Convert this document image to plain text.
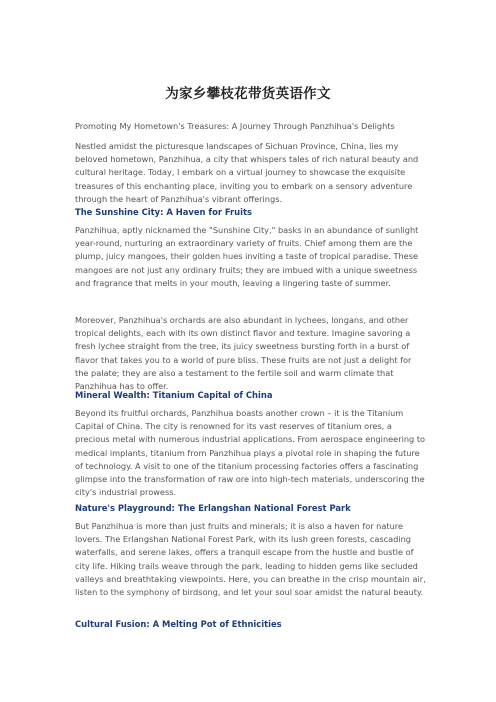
为家乡攀枝花带货英语作文
Promoting My Hometown's Treasures: A Journey Through Panzhihua's Delights

Nestled amidst the picturesque landscapes of Sichuan Province, China, lies my beloved hometown, Panzhihua, a city that whispers tales of rich natural beauty and cultural heritage. Today, I embark on a virtual journey to showcase the exquisite treasures of this enchanting place, inviting you to embark on a sensory adventure through the heart of Panzhihua's vibrant offerings.

The Sunshine City: A Haven for Fruits

Panzhihua, aptly nicknamed the "Sunshine City," basks in an abundance of sunlight year-round, nurturing an extraordinary variety of fruits. Chief among them are the plump, juicy mangoes, their golden hues inviting a taste of tropical paradise. These mangoes are not just any ordinary fruits; they are imbued with a unique sweetness and fragrance that melts in your mouth, leaving a lingering taste of summer.

Moreover, Panzhihua's orchards are also abundant in lychees, longans, and other tropical delights, each with its own distinct flavor and texture. Imagine savoring a fresh lychee straight from the tree, its juicy sweetness bursting forth in a burst of flavor that takes you to a world of pure bliss. These fruits are not just a delight for the palate; they are also a testament to the fertile soil and warm climate that Panzhihua has to offer.

Mineral Wealth: Titanium Capital of China

Beyond its fruitful orchards, Panzhihua boasts another crown – it is the Titanium Capital of China. The city is renowned for its vast reserves of titanium ores, a precious metal with numerous industrial applications. From aerospace engineering to medical implants, titanium from Panzhihua plays a pivotal role in shaping the future of technology. A visit to one of the titanium processing factories offers a fascinating glimpse into the transformation of raw ore into high-tech materials, underscoring the city's industrial prowess.

Nature's Playground: The Erlangshan National Forest Park

But Panzhihua is more than just fruits and minerals; it is also a haven for nature lovers. The Erlangshan National Forest Park, with its lush green forests, cascading waterfalls, and serene lakes, offers a tranquil escape from the hustle and bustle of city life. Hiking trails weave through the park, leading to hidden gems like secluded valleys and breathtaking viewpoints. Here, you can breathe in the crisp mountain air, listen to the symphony of birdsong, and let your soul soar amidst the natural beauty.

Cultural Fusion: A Melting Pot of Ethnicities
